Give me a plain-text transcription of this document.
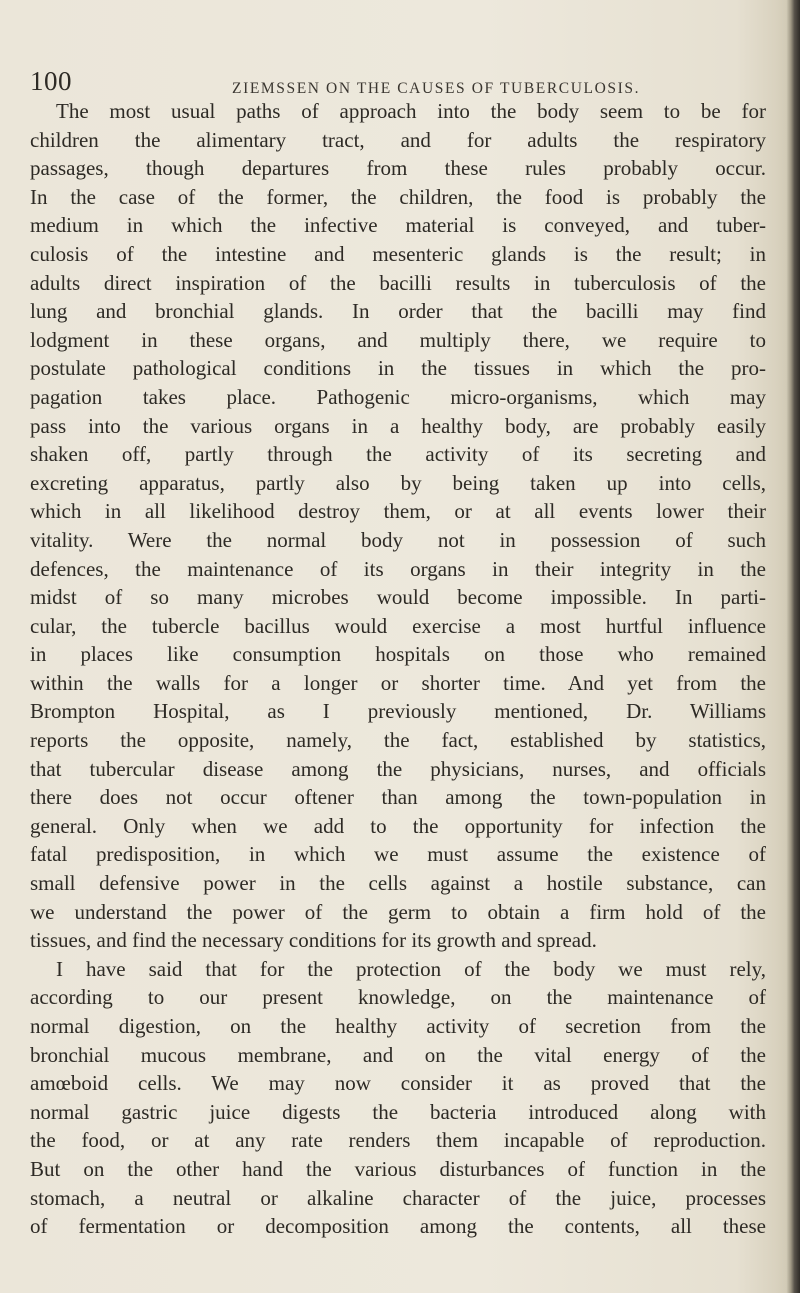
100	ZIEMSSEN ON THE CAUSES OF TUBERCULOSIS.
The most usual paths of approach into the body seem to be for
children the alimentary tract, and for adults the respiratory
passages, though departures from these rules probably occur.
In the case of the former, the children, the food is probably the
medium in which the infective material is conveyed, and tuber-
culosis of the intestine and mesenteric glands is the result; in
adults direct inspiration of the bacilli results in tuberculosis of the
lung and bronchial glands. In order that the bacilli may find
lodgment in these organs, and multiply there, we require to
postulate pathological conditions in the tissues in which the pro-
pagation takes place. Pathogenic micro-organisms, which may
pass into the various organs in a healthy body, are probably easily
shaken off, partly through the activity of its secreting and
excreting apparatus, partly also by being taken up into cells,
which in all likelihood destroy them, or at all events lower their
vitality. Were the normal body not in possession of such
defences, the maintenance of its organs in their integrity in the
midst of so many microbes would become impossible. In parti-
cular, the tubercle bacillus would exercise a most hurtful influence
in places like consumption hospitals on those who remained
within the walls for a longer or shorter time. And yet from the
Brompton Hospital, as I previously mentioned, Dr. Williams
reports the opposite, namely, the fact, established by statistics,
that tubercular disease among the physicians, nurses, and officials
there does not occur oftener than among the town-population in
general. Only when we add to the opportunity for infection the
fatal predisposition, in which we must assume the existence of
small defensive power in the cells against a hostile substance, can
we understand the power of the germ to obtain a firm hold of the
tissues, and find the necessary conditions for its growth and spread.
I have said that for the protection of the body we must rely,
according to our present knowledge, on the maintenance of
normal digestion, on the healthy activity of secretion from the
bronchial mucous membrane, and on the vital energy of the
amœboid cells. We may now consider it as proved that the
normal gastric juice digests the bacteria introduced along with
the food, or at any rate renders them incapable of reproduction.
But on the other hand the various disturbances of function in the
stomach, a neutral or alkaline character of the juice, processes
of fermentation or decomposition among the contents, all these
